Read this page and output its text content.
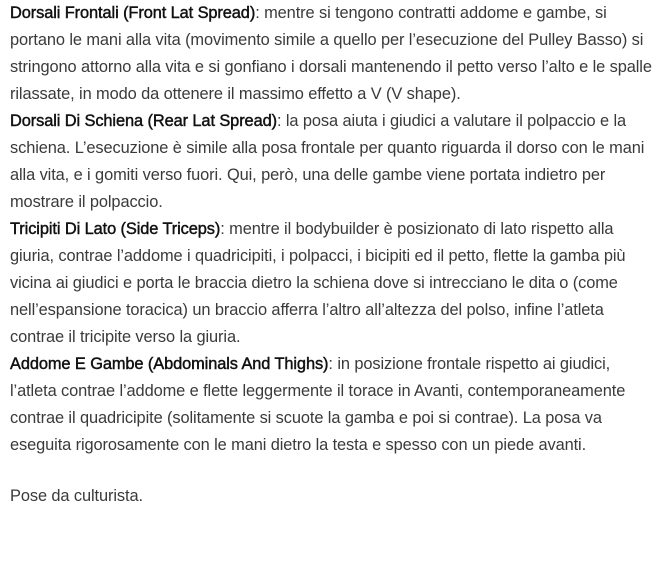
Dorsali Frontali (Front Lat Spread): mentre si tengono contratti addome e gambe, si portano le mani alla vita (movimento simile a quello per l’esecuzione del Pulley Basso) si stringono attorno alla vita e si gonfiano i dorsali mantenendo il petto verso l’alto e le spalle rilassate, in modo da ottenere il massimo effetto a V (V shape).

Dorsali Di Schiena (Rear Lat Spread): la posa aiuta i giudici a valutare il polpaccio e la schiena. L’esecuzione è simile alla posa frontale per quanto riguarda il dorso con le mani alla vita, e i gomiti verso fuori. Qui, però, una delle gambe viene portata indietro per mostrare il polpaccio.

Tricipiti Di Lato (Side Triceps): mentre il bodybuilder è posizionato di lato rispetto alla giuria, contrae l’addome i quadricipiti, i polpacci, i bicipiti ed il petto, flette la gamba più vicina ai giudici e porta le braccia dietro la schiena dove si intrecciano le dita o (come nell’espansione toracica) un braccio afferra l’altro all’altezza del polso, infine l’atleta contrae il tricipite verso la giuria.

Addome E Gambe (Abdominals And Thighs): in posizione frontale rispetto ai giudici, l’atleta contrae l’addome e flette leggermente il torace in Avanti, contemporaneamente contrae il quadricipite (solitamente si scuote la gamba e poi si contrae). La posa va eseguita rigorosamente con le mani dietro la testa e spesso con un piede avanti.

Pose da culturista.
